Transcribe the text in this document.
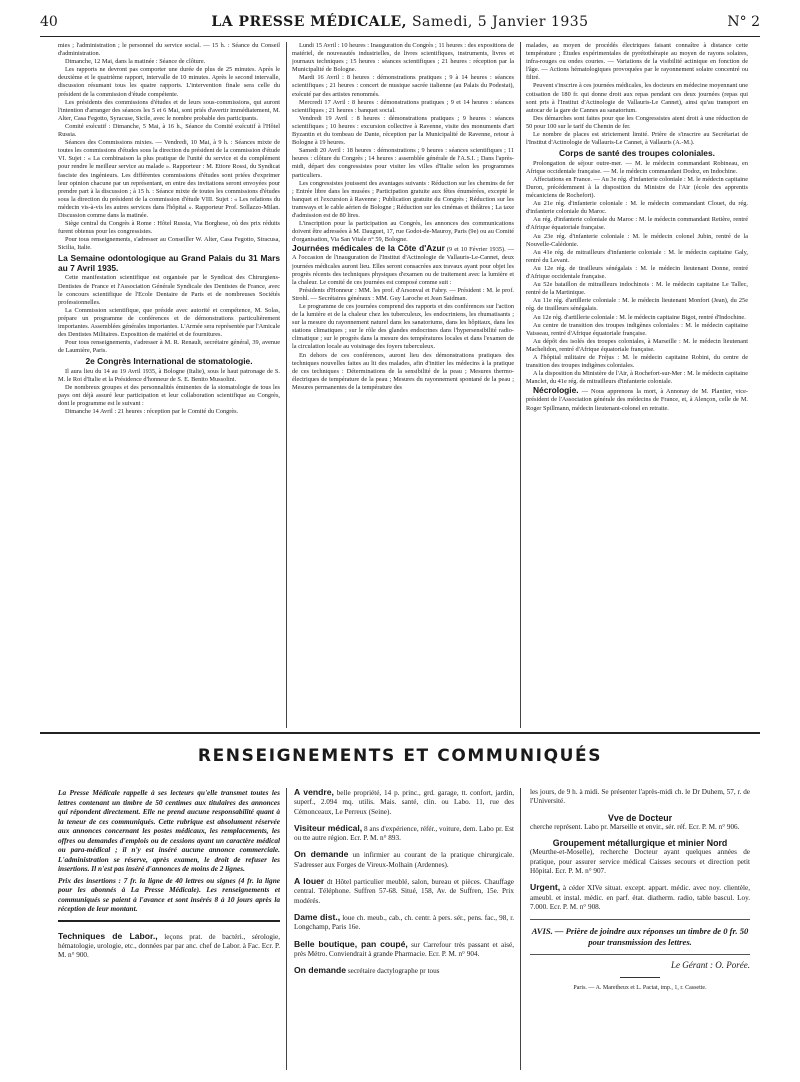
40	LA PRESSE MÉDICALE, Samedi, 5 Janvier 1935	N° 2

mies ; l'administration ; le personnel du service social. — 15 h. : Séance du Conseil d'administration.

Dimanche, 12 Mai, dans la matinée : Séance de clôture.

Les rapports ne devront pas comporter une durée de plus de 25 minutes. Après le deuxième et le quatrième rapport, intervalle de 10 minutes. Après le second intervalle, discussion résumant tous les quatre rapports. L'intervention finale sera celle du président de la commission d'étude compétente.

Les présidents des commissions d'études et de leurs sous-commissions, qui auront l'intention d'arranger des séances les 5 et 6 Mai, sont priés d'avertir immédiatement, M. Alter, Casa Fegotto, Syracuse, Sicile, avec le nombre probable des participants.

Comité exécutif : Dimanche, 5 Mai, à 16 h., Séance du Comité exécutif à l'Hôtel Russia.

Séances des Commissions mixtes. — Vendredi, 10 Mai, à 9 h. : Séances mixte de toutes les commissions d'études sous la direction du président de la commission d'étude VI. Sujet : « La combinaison la plus pratique de l'unité du service et du complément pour rendre le meilleur service au malade ». Rapporteur : M. Ettore Rossi, du Syndicat fasciste des ingénieurs. Les différentes commissions d'études sont priées d'exprimer leur opinion chacune par un représentant, en entre des invitations seront envoyées pour prendre part à la discussion ; à 15 h. : Séance mixte de toutes les commissions d'études sous la direction du président de la commission d'étude VIII. Sujet : « Les relations du médecin vis-à-vis les autres services dans l'hôpital ». Rapporteur Prof. Sollazzo-Milan. Discussion comme dans la matinée.

Siège central du Congrès à Rome : Hôtel Russia, Via Borghese, où des prix réduits furent obtenus pour les congressistes.

Pour tous renseignements, s'adresser au Conseiller W. Alter, Casa Fegotto, Siracusa, Sicilia, Italie.

La Semaine odontologique au Grand Palais du 31 Mars au 7 Avril 1935.

Cette manifestation scientifique est organisée par le Syndicat des Chirurgiens-Dentistes de France et l'Association Générale Syndicale des Dentistes de France, avec le concours scientifique de l'Ecole Dentaire de Paris et de nombreuses Sociétés professionnelles.

La Commission scientifique, que préside avec autorité et compétence, M. Solas, prépare un programme de conférences et de démonstrations particulièrement importantes. Assemblées générales importantes. L'Armée sera représentée par l'Amicale des Dentistes Militaires. Exposition de matériel et de fournitures.

Pour tous renseignements, s'adresser à M. R. Renault, secrétaire général, 39, avenue de Laumière, Paris.

2e Congrès International de stomatologie.

Il aura lieu du 14 au 19 Avril 1935, à Bologne (Italie), sous le haut patronage de S. M. le Roi d'Italie et la Présidence d'honneur de S. E. Benito Mussolini.

De nombreux groupes et des personnalités éminentes de la stomatologie de tous les pays ont déjà assuré leur participation et leur collaboration scientifique au Congrès, dont le programme est le suivant :

Dimanche 14 Avril : 21 heures : réception par le Comité du Congrès.

Lundi 15 Avril : 10 heures : Inauguration du Congrès ; 11 heures : des expositions de matériel, de nouveautés industrielles, de livres scientifiques, instruments, livres et journaux techniques ; 15 heures : séances scientifiques ; 21 heures : réception par la Municipalité de Bologne.

Mardi 16 Avril : 8 heures : démonstrations pratiques ; 9 à 14 heures : séances scientifiques ; 21 heures : concert de musique sacrée italienne (au Palais du Podestat), exécuté par des artistes renommés.

Mercredi 17 Avril : 8 heures : démonstrations pratiques ; 9 et 14 heures : séances scientifiques ; 21 heures : banquet social.

Vendredi 19 Avril : 8 heures : démonstrations pratiques ; 9 heures : séances scientifiques ; 10 heures : excursion collective à Ravenne, visite des monuments d'art Byzantin et du tombeau de Dante, réception par la Municipalité de Ravenne, retour à Bologne à 19 heures.

Samedi 20 Avril : 18 heures : démonstrations ; 9 heures : séances scientifiques ; 11 heures : clôture du Congrès ; 14 heures : assemblée générale de l'A.S.I. ; Dans l'après-midi, départ des congressistes pour visiter les villes d'Italie selon les programmes particuliers.

Les congressistes jouissent des avantages suivants : Réduction sur les chemins de fer ; Entrée libre dans les musées ; Participation gratuite aux fêtes énumérées, excepté le banquet et l'excursion à Ravenne ; Publication gratuite du Congrès ; Réduction sur les tramways et le cable aérien de Bologne ; Réduction sur les cinémas et théâtres ; La taxe d'admission est de 80 lires.

L'inscription pour la participation au Congrès, les annonces des communications doivent être adressées à M. Dauguet, 17, rue Godot-de-Mauroy, Paris (9e) ou au Comité d'organisation, Via San Vitale n° 59, Bologne.

Journées médicales de la Côte d'Azur (9 et 10 Février 1935). — A l'occasion de l'inauguration de l'Institut d'Actinologie de Vallauris-Le-Cannet, deux journées médicales auront lieu. Elles seront consacrées aux travaux ayant pour objet les progrès récents des techniques physiques d'examen ou de traitement avec la lumière et la chaleur. Le comité de ces journées est composé comme suit :

Présidents d'Honneur : MM. les prof. d'Arsonval et Fabry. — Président : M. le prof. Strohl. — Secrétaires généraux : MM. Guy Laroche et Jean Saidman.

Le programme de ces journées comprend des rapports et des conférences sur l'action de la lumière et de la chaleur chez les tuberculeux, les endocriniens, les rhumatisants ; sur la mesure du rayonnement naturel dans les sanatoriums, dans les hôpitaux, dans les stations climatiques ; sur le rôle des glandes endocrines dans l'hypersensibilité radio-climatique ; sur le progrès dans la mesure des températures locales et dans l'examen de la circulation locale au voisinage des foyers tuberculeux.

En dehors de ces conférences, auront lieu des démonstrations pratiques des techniques nouvelles faites au lit des malades, afin d'initier les médecins à la pratique de ces techniques : Déterminations de la sensibilité de la peau ; Mesures thermo-électriques de température de la peau ; Mesures du rayonnement spontané de la peau ; Mesures permanentes de la température des

malades, au moyen de procédés électriques faisant connaître à distance cette température ; Études expérimentales de pyrétothérapie au moyen de rayons solaires, infra-rouges ou ondes courtes. — Variations de la visibilité actinique en fonction de l'âge. — Actions hématologiques provoquées par le rayonnement solaire concentré ou filtré.

Peuvent s'inscrire à ces journées médicales, les docteurs en médecine moyennant une cotisation de 180 fr. qui donne droit aux repas pendant ces deux journées (repas qui sont pris à l'Institut d'Actinologie de Vallauris-Le Cannet), ainsi qu'au transport en autocar de la gare de Cannes au sanatorium.

Des démarches sont faites pour que les Congressistes aient droit à une réduction de 50 pour 100 sur le tarif du Chemin de fer.

Le nombre de places est strictement limité. Prière de s'inscrire au Secrétariat de l'Institut d'Actinologie de Vallauris-Le Cannet, à Vallauris (A.-M.).

Corps de santé des troupes coloniales.

Prolongation de séjour outre-mer. — M. le médecin commandant Robineau, en Afrique occidentale française. — M. le médecin commandant Dodoz, en Indochine.

Affectations en France. — Au 3e rég. d'infanterie coloniale : M. le médecin capitaine Duron, précédemment à la disposition du Ministre de l'Air (école des apprentis mécaniciens de Rochefort).

Au 21e rég. d'infanterie coloniale : M. le médecin commandant Clouet, du rég. d'infanterie coloniale du Maroc.

Au rég. d'infanterie coloniale du Maroc : M. le médecin commandant Retière, rentré d'Afrique équatoriale française.

Au 23e rég. d'infanterie coloniale : M. le médecin colonel Jubin, rentré de la Nouvelle-Calédonie.

Au 41e rég. de mitrailleurs d'infanterie coloniale : M. le médecin capitaine Galy, rentré du Levant.

Au 12e rég. de tirailleurs sénégalais : M. le médecin lieutenant Donne, rentré d'Afrique occidentale française.

Au 52e bataillon de mitrailleurs indochinois : M. le médecin capitaine Le Tallec, rentré de la Martinique.

Au 11e rég. d'artillerie coloniale : M. le médecin lieutenant Monfort (Jean), du 25e rég. de tirailleurs sénégalais.

Au 12e rég. d'artillerie coloniale : M. le médecin capitaine Bigot, rentré d'Indochine.

Au centre de transition des troupes indigènes coloniales : M. le médecin capitaine Vaisseau, rentré d'Afrique équatoriale française.

Au dépôt des isolés des troupes coloniales, à Marseille : M. le médecin lieutenant Machelidon, rentré d'Afrique équatoriale française.

A l'hôpital militaire de Fréjus : M. le médecin capitaine Robini, du centre de transition des troupes indigènes coloniales.

A la disposition du Ministère de l'Air, à Rochefort-sur-Mer : M. le médecin capitaine Manclet, du 41e rég. de mitrailleurs d'infanterie coloniale.

Nécrologie. — Nous apprenons la mort, à Annonay de M. Plantier, vice-président de l'Association générale des médecins de France, et, à Alençon, celle de M. Roger Spillmann, médecin lieutenant-colonel en retraite.

RENSEIGNEMENTS ET COMMUNIQUÉS
La Presse Médicale rappelle à ses lecteurs qu'elle transmet toutes les lettres contenant un timbre de 50 centimes aux titulaires des annonces qui répondent directement. Elle ne prend aucune responsabilité quant à la teneur de ces communiqués. Cette rubrique est absolument réservée aux annonces concernant les postes médicaux, les remplacements, les offres ou demandes d'emplois ou de cessions ayant un caractère médical ou para-médical ; il n'y est inséré aucune annonce commerciale. L'administration se réserve, après examen, le droit de refuser les insertions. Il n'est pas inséré d'annonces de moins de 2 lignes.
Prix des insertions : 7 fr. la ligne de 40 lettres ou signes (4 fr. la ligne pour les abonnés à La Presse Médicale). Les renseignements et communiqués se paient à l'avance et sont insérés 8 à 10 jours après la réception de leur montant.
Techniques de Labor., leçons prat. de bactéri., sérologie, hématologie, urologie, etc., données par par anc. chef de Labor. à Fac. Ecr. P. M. n° 900.
A vendre, belle propriété, 14 p. princ., grd. garage, tt. confort, jardin, superf., 2.094 mq. utilis. Mais. santé, clin. ou Labo. 11, rue des Cémonceaux, Le Perreux (Seine).
Visiteur médical, 8 ans d'expérience, référ., voiture, dem. Labo pr. Est ou tte autre région. Ecr. P. M. n° 893.
On demande un infirmier au courant de la pratique chirurgicale. S'adresser aux Forges de Vireux-Molhain (Ardennes).
A louer dt Hôtel particulier meublé, salon, bureau et pièces. Chauffage central. Téléphone. Suffren 57-68. Situé, 158, Av. de Suffren, 15e. Prix modérés.
Dame dist., loue ch. meub., cab., ch. centr. à pers. sér., pens. fac., 98, r. Longchamp, Paris 16e.
Belle boutique, pan coupé, sur Carrefour très passant et aisé, près Métro. Conviendrait à grande Pharmacie. Ecr. P. M. n° 904.
On demande secrétaire dactylographe pr tous
les jours, de 9 h. à midi. Se présenter l'après-midi ch. le Dr Duhem, 57, r. de l'Université.
Vve de Docteur
cherche représent. Labo pr. Marseille et envir., sér. réf. Ecr. P. M. n° 906.
Groupement métallurgique et minier Nord
(Meurthe-et-Moselle), recherche Docteur ayant quelques années de pratique, pour assurer service médical Caisses secours et direction petit Hôpital. Ecr. P. M. n° 907.
Urgent, à céder XIVe situat. except. appart. médic. avec noy. clientèle, ameubl. et instal. médic. en parf. état. diatherm. radio, table bascul. Loy. 7.000. Ecr. P. M. n° 908.
AVIS. — Prière de joindre aux réponses un timbre de 0 fr. 50 pour transmission des lettres.
Le Gérant : O. Porée.
Paris. — A. Maretheux et L. Pactat, imp., 1, r. Cassette.
